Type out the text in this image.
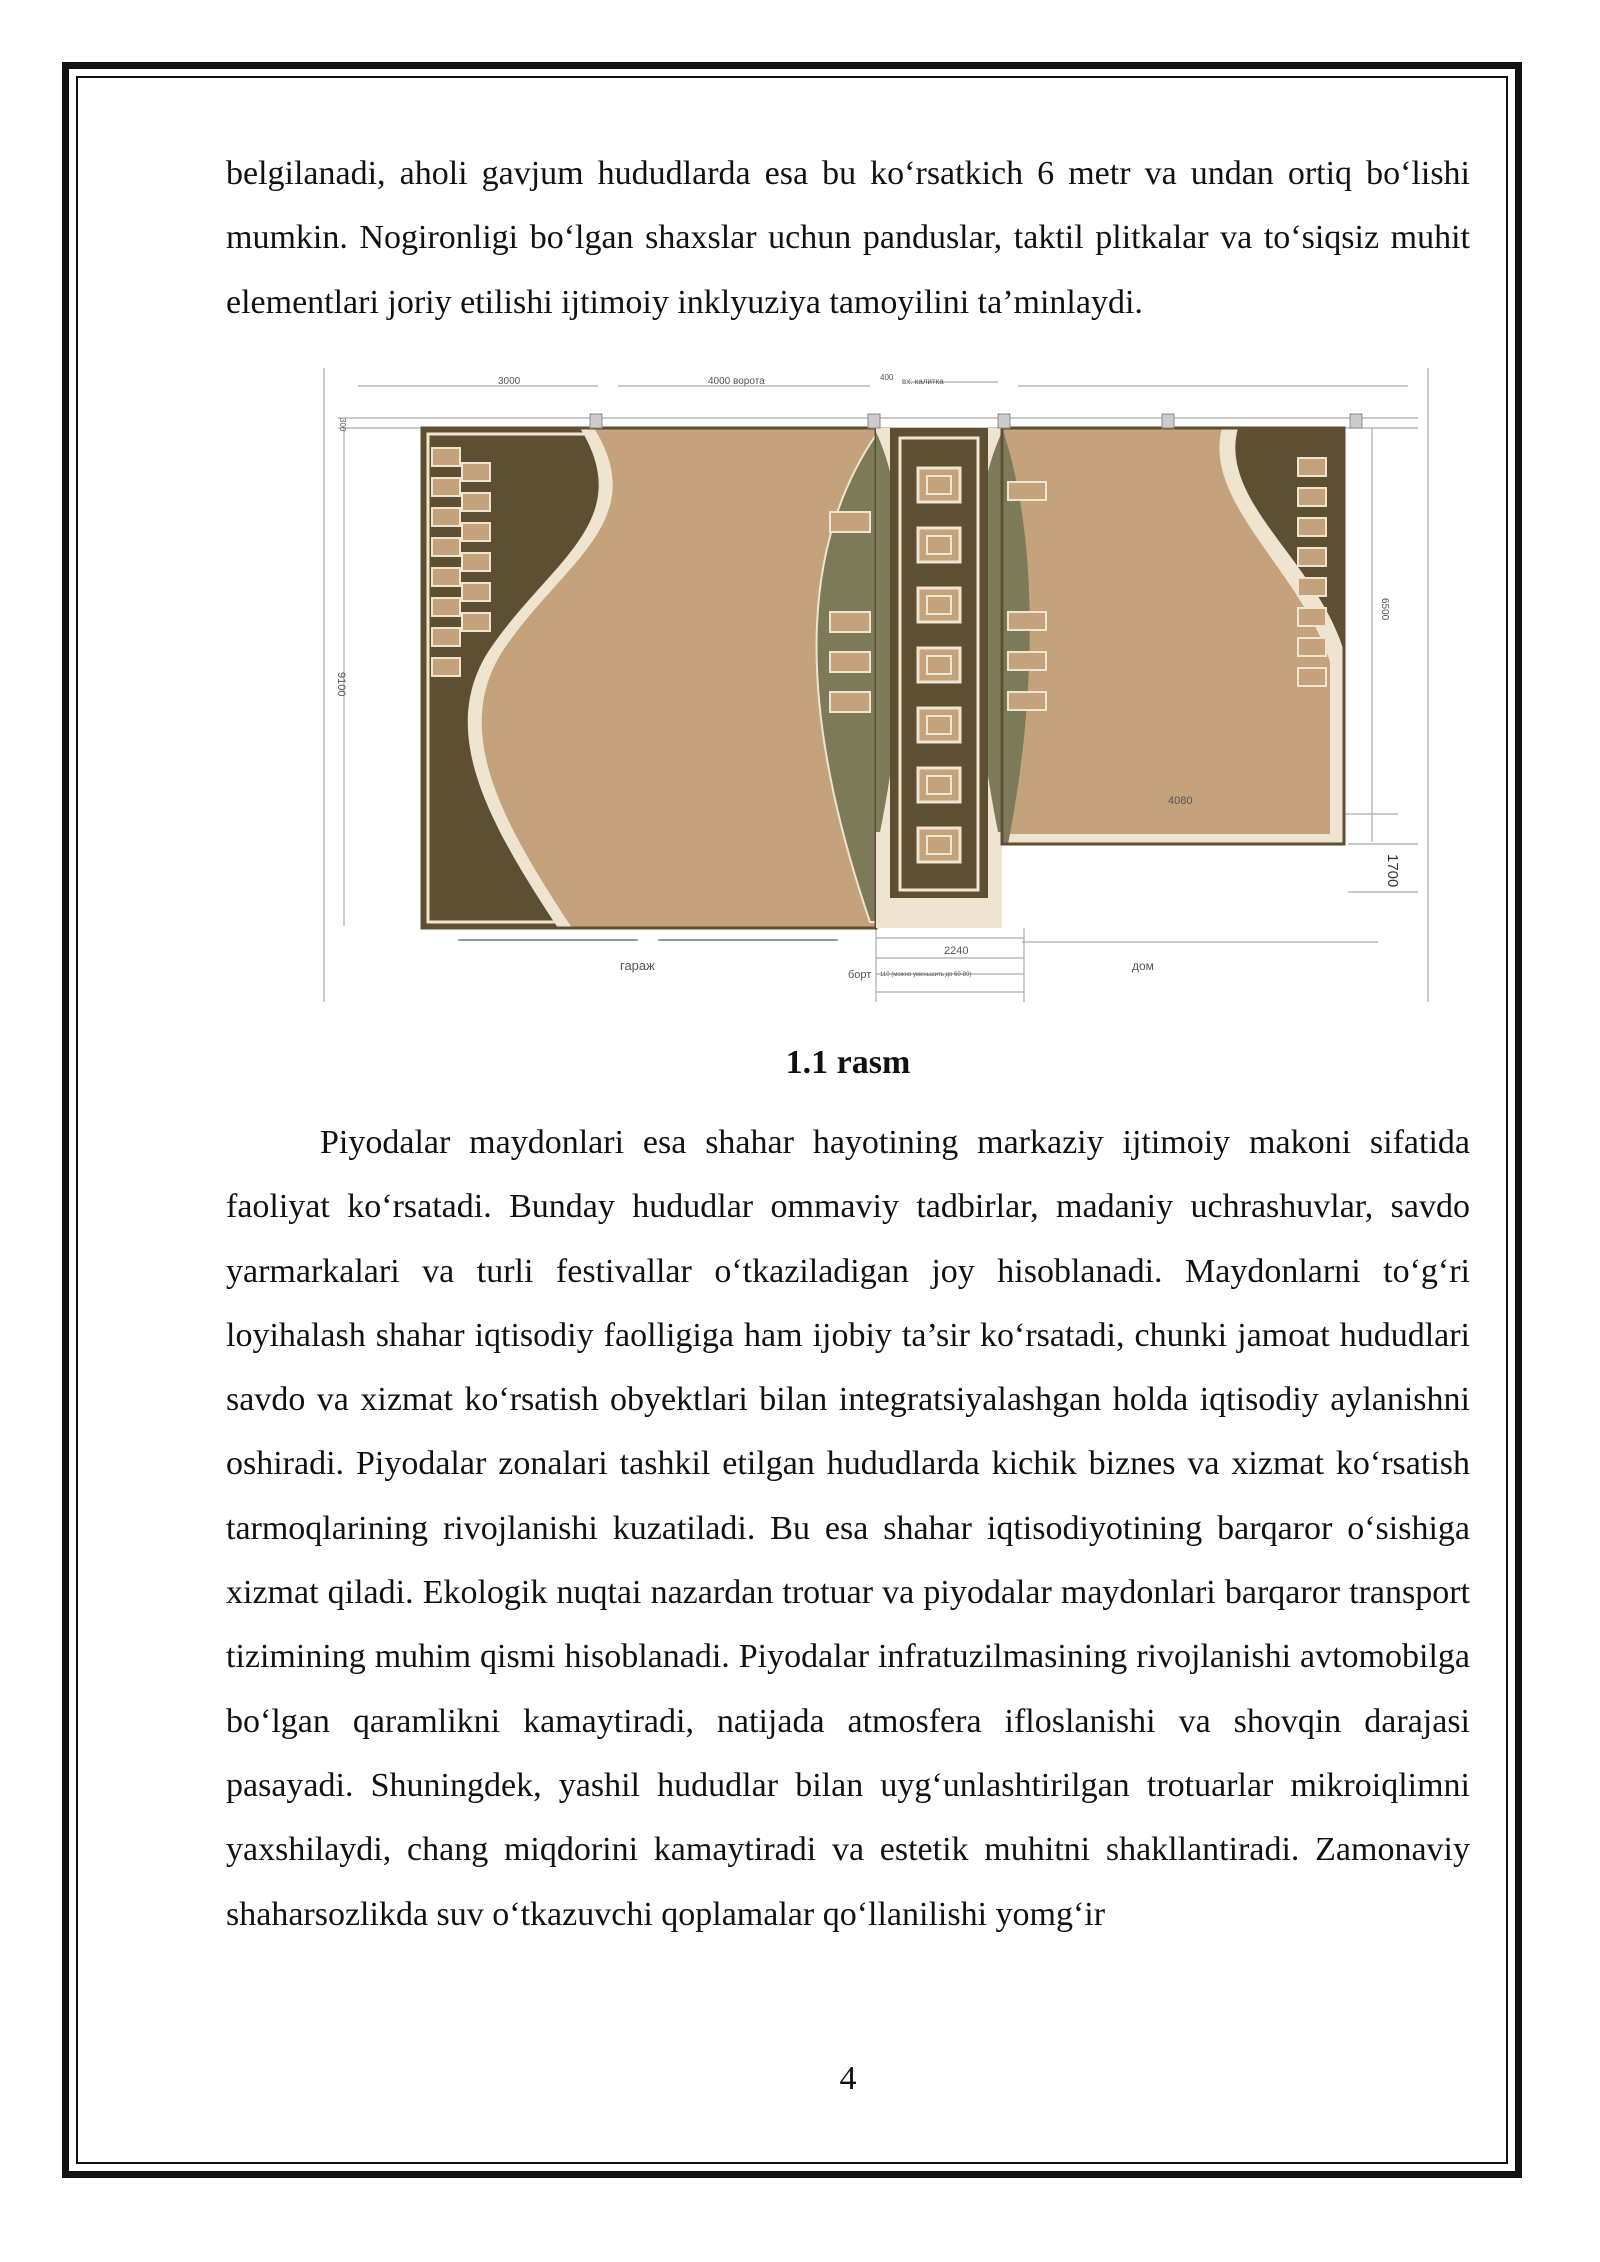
belgilanadi, aholi gavjum hududlarda esa bu ko‘rsatkich 6 metr va undan ortiq bo‘lishi mumkin. Nogironligi bo‘lgan shaxslar uchun panduslar, taktil plitkalar va to‘siqsiz muhit elementlari joriy etilishi ijtimoiy inklyuziya tamoyilini ta’minlaydi.

3000	4000 ворота	400 вх. калитка
300
9100
6500
4080
1700
2240
гараж
борт 110 (можно уменьшить до 60-80)
дом
1.1 rasm

Piyodalar maydonlari esa shahar hayotining markaziy ijtimoiy makoni sifatida faoliyat ko‘rsatadi. Bunday hududlar ommaviy tadbirlar, madaniy uchrashuvlar, savdo yarmarkalari va turli festivallar o‘tkaziladigan joy hisoblanadi. Maydonlarni to‘g‘ri loyihalash shahar iqtisodiy faolligiga ham ijobiy ta’sir ko‘rsatadi, chunki jamoat hududlari savdo va xizmat ko‘rsatish obyektlari bilan integratsiyalashgan holda iqtisodiy aylanishni oshiradi. Piyodalar zonalari tashkil etilgan hududlarda kichik biznes va xizmat ko‘rsatish tarmoqlarining rivojlanishi kuzatiladi. Bu esa shahar iqtisodiyotining barqaror o‘sishiga xizmat qiladi. Ekologik nuqtai nazardan trotuar va piyodalar maydonlari barqaror transport tizimining muhim qismi hisoblanadi. Piyodalar infratuzilmasining rivojlanishi avtomobilga bo‘lgan qaramlikni kamaytiradi, natijada atmosfera ifloslanishi va shovqin darajasi pasayadi. Shuningdek, yashil hududlar bilan uyg‘unlashtirilgan trotuarlar mikroiqlimni yaxshilaydi, chang miqdorini kamaytiradi va estetik muhitni shakllantiradi. Zamonaviy shaharsozlikda suv o‘tkazuvchi qoplamalar qo‘llanilishi yomg‘ir

4
